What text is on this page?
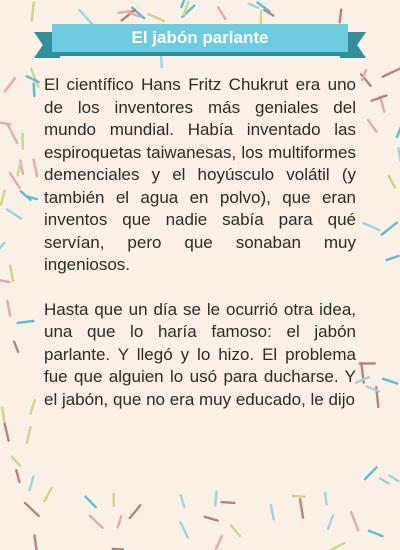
El jabón parlante

El científico Hans Fritz Chukrut era uno de los inventores más geniales del mundo mundial. Había inventado las espiroquetas taiwanesas, los multiformes demenciales y el hoyúsculo volátil (y también el agua en polvo), que eran inventos que nadie sabía para qué servían, pero que sonaban muy ingeniosos.

Hasta que un día se le ocurrió otra idea, una que lo haría famoso: el jabón parlante. Y llegó y lo hizo. El problema fue que alguien lo usó para ducharse. Y el jabón, que no era muy educado, le dijo
